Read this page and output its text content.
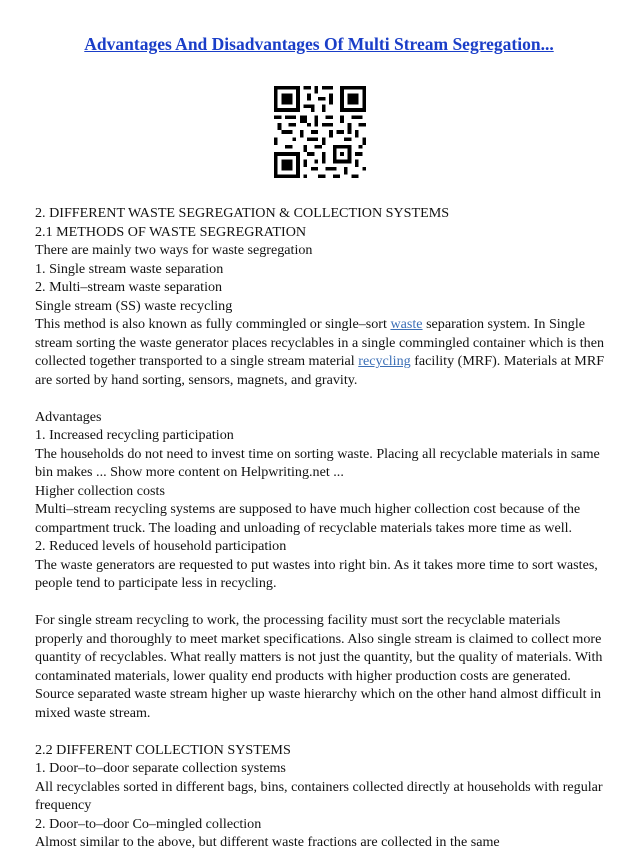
Advantages And Disadvantages Of Multi Stream Segregation...

2. DIFFERENT WASTE SEGREGATION & COLLECTION SYSTEMS

2.1 METHODS OF WASTE SEGREGRATION

There are mainly two ways for waste segregation

1. Single stream waste separation

2. Multi–stream waste separation

Single stream (SS) waste recycling

This method is also known as fully commingled or single–sort waste separation system. In Single stream sorting the waste generator places recyclables in a single commingled container which is then collected together transported to a single stream material recycling facility (MRF). Materials at MRF are sorted by hand sorting, sensors, magnets, and gravity.

Advantages

1. Increased recycling participation

The households do not need to invest time on sorting waste. Placing all recyclable materials in same bin makes ... Show more content on Helpwriting.net ...

Higher collection costs

Multi–stream recycling systems are supposed to have much higher collection cost because of the compartment truck. The loading and unloading of recyclable materials takes more time as well.

2. Reduced levels of household participation

The waste generators are requested to put wastes into right bin. As it takes more time to sort wastes, people tend to participate less in recycling.

For single stream recycling to work, the processing facility must sort the recyclable materials properly and thoroughly to meet market specifications. Also single stream is claimed to collect more quantity of recyclables. What really matters is not just the quantity, but the quality of materials. With contaminated materials, lower quality end products with higher production costs are generated. Source separated waste stream higher up waste hierarchy which on the other hand almost difficult in mixed waste stream.

2.2 DIFFERENT COLLECTION SYSTEMS

1. Door–to–door separate collection systems

All recyclables sorted in different bags, bins, containers collected directly at households with regular frequency

2. Door–to–door Co–mingled collection

Almost similar to the above, but different waste fractions are collected in the same
